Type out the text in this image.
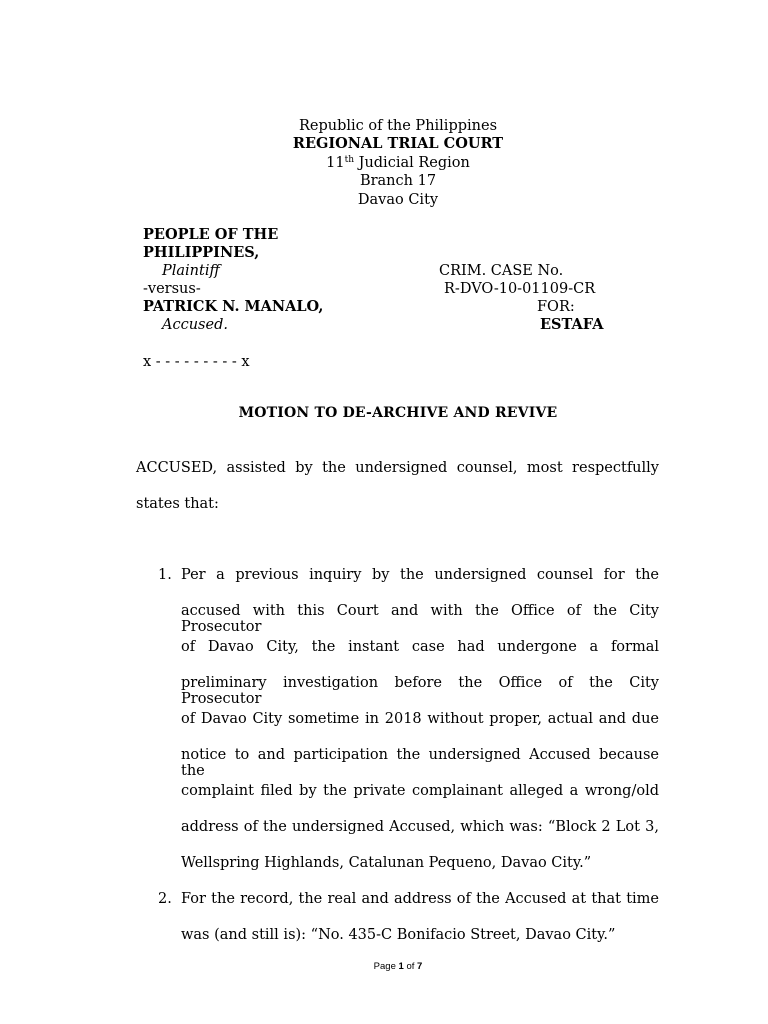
Republic of the Philippines
REGIONAL TRIAL COURT
11th Judicial Region
Branch 17
Davao City
PEOPLE OF THE
PHILIPPINES,
Plaintiff
-versus-
PATRICK N. MANALO,
Accused.
x - - - - - - - - - x
CRIM. CASE No.
R-DVO-10-01109-CR
FOR:
ESTAFA
MOTION TO DE-ARCHIVE AND REVIVE
ACCUSED, assisted by the undersigned counsel, most respectfully
states that:
1. Per a previous inquiry by the undersigned counsel for the
accused with this Court and with the Office of the City Prosecutor
of Davao City, the instant case had undergone a formal
preliminary investigation before the Office of the City Prosecutor
of Davao City sometime in 2018 without proper, actual and due
notice to and participation the undersigned Accused because the
complaint filed by the private complainant alleged a wrong/old
address of the undersigned Accused, which was: “Block 2 Lot 3,
Wellspring Highlands, Catalunan Pequeno, Davao City.”
2. For the record, the real and address of the Accused at that time
was (and still is): “No. 435-C Bonifacio Street, Davao City.”
Page 1 of 7
